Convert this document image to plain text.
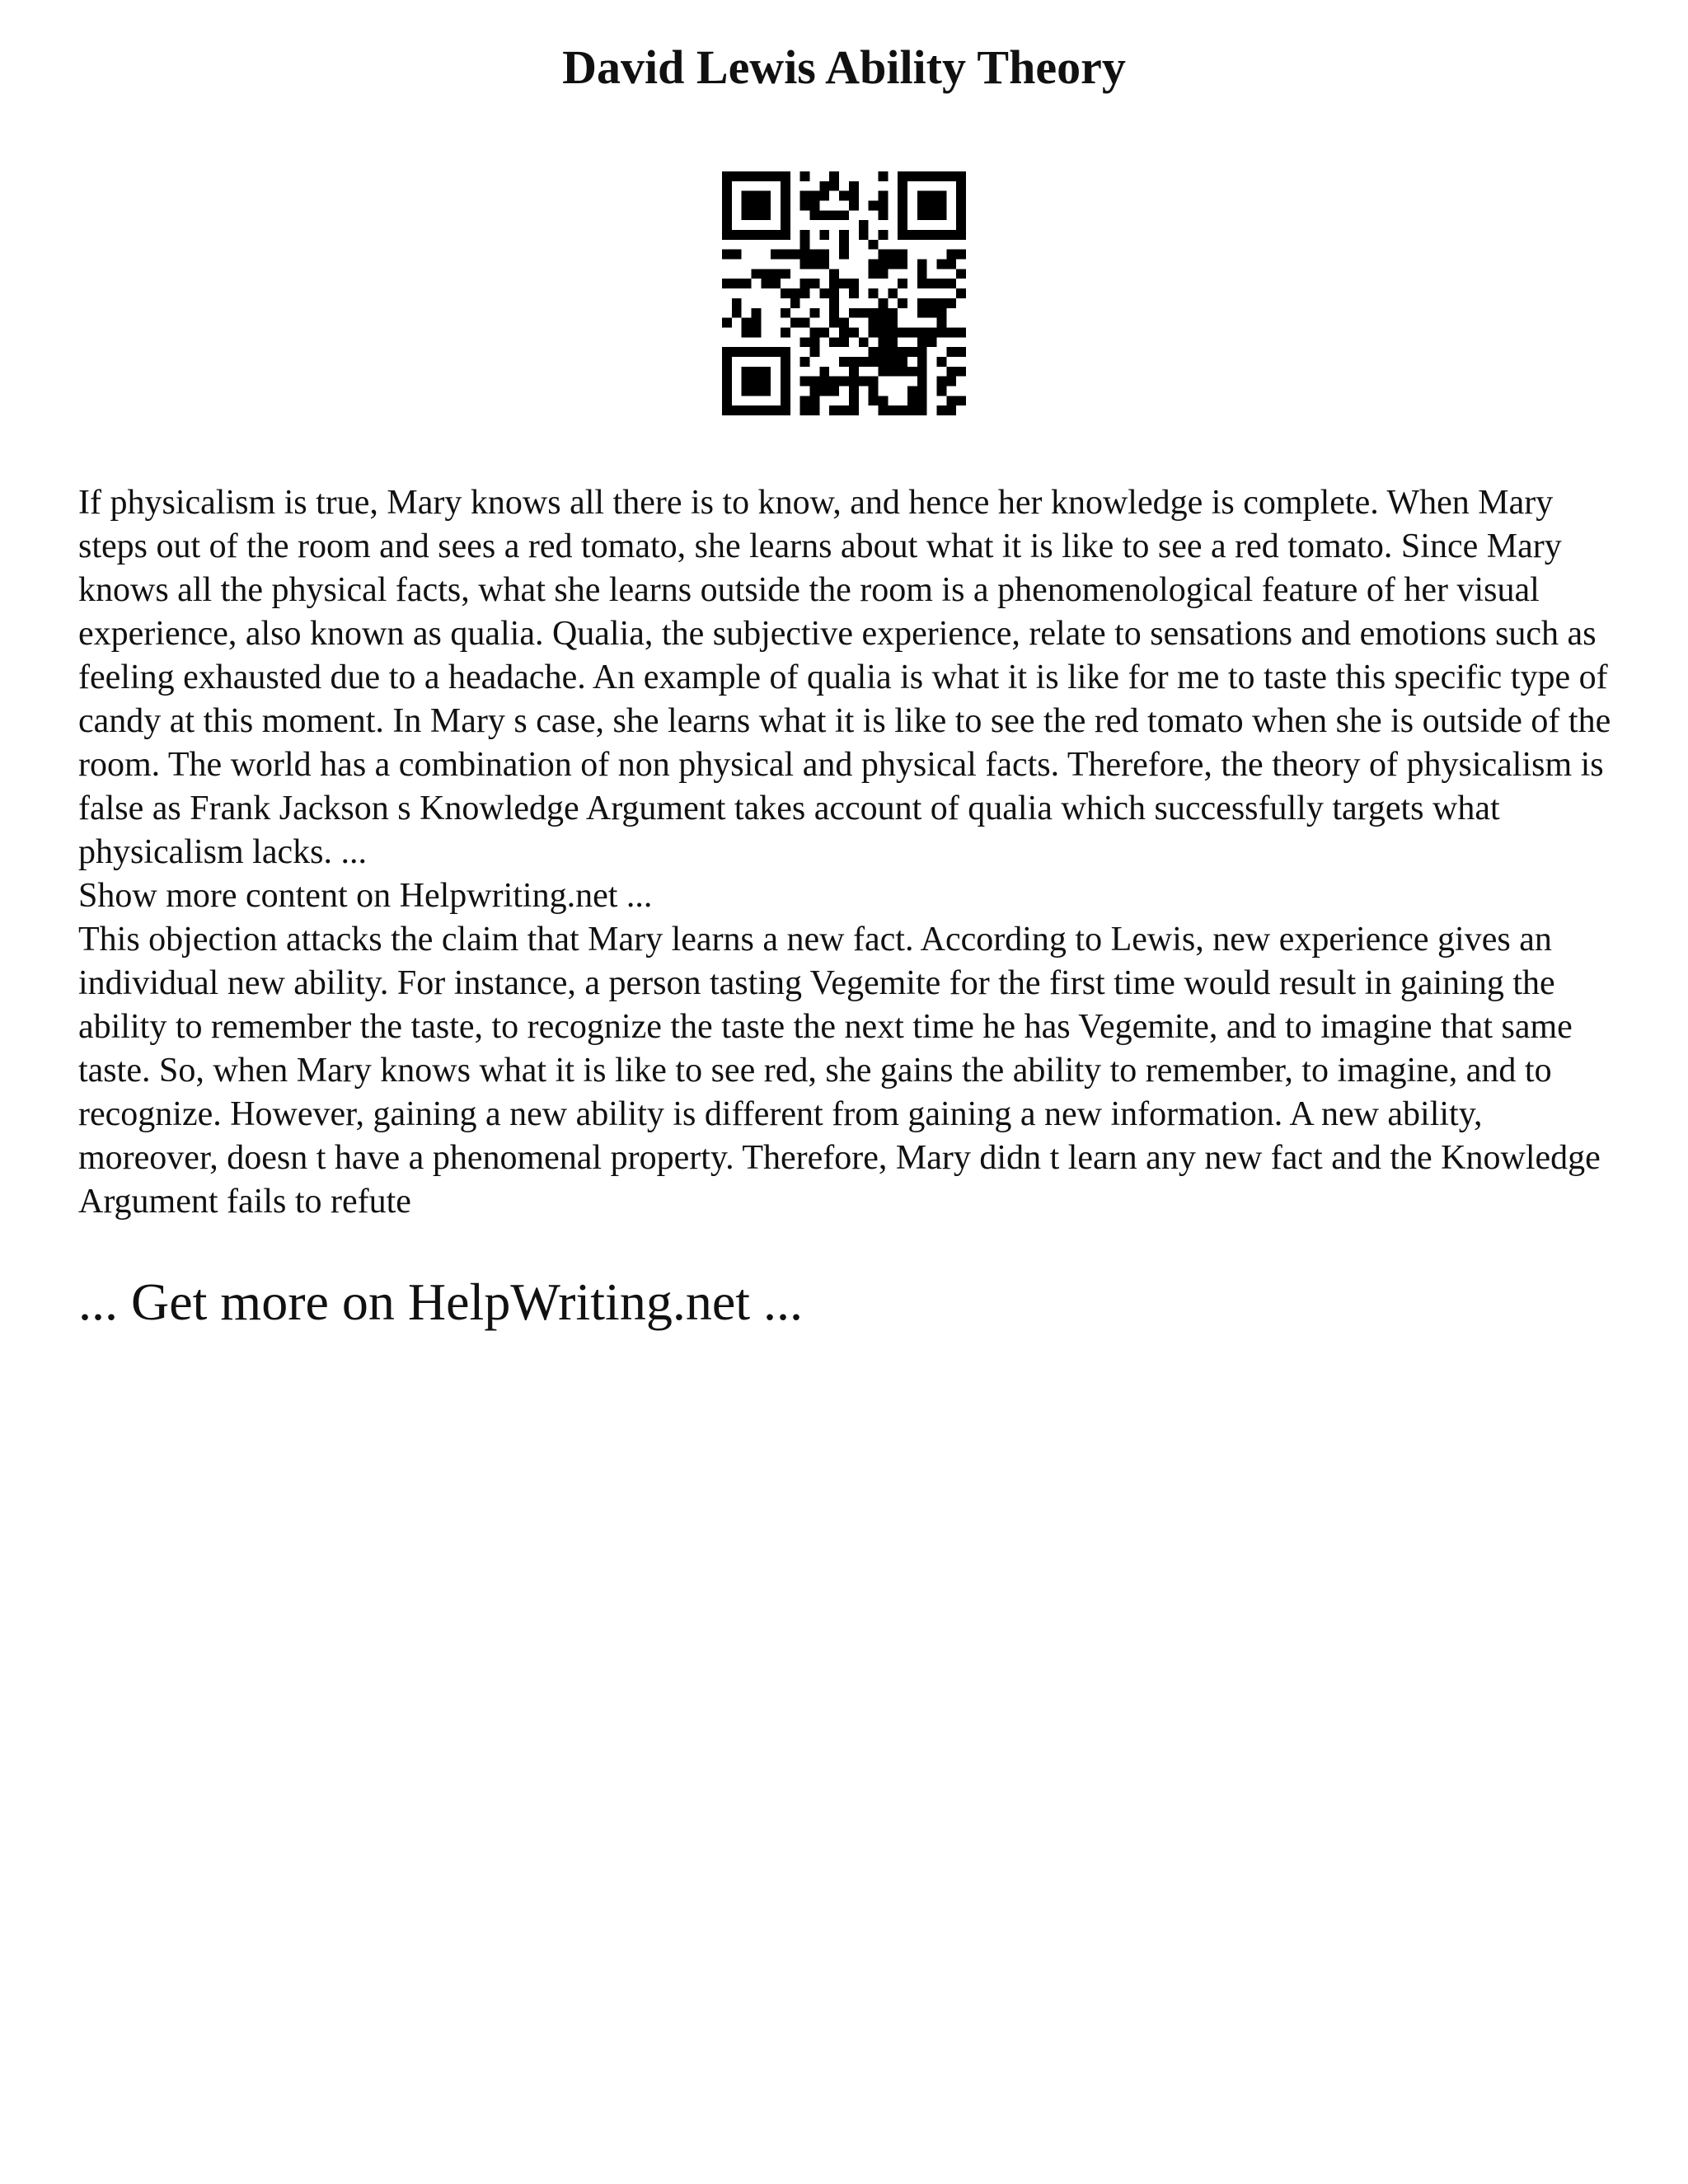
David Lewis Ability Theory

If physicalism is true, Mary knows all there is to know, and hence her knowledge is complete. When Mary steps out of the room and sees a red tomato, she learns about what it is like to see a red tomato. Since Mary knows all the physical facts, what she learns outside the room is a phenomenological feature of her visual experience, also known as qualia. Qualia, the subjective experience, relate to sensations and emotions such as feeling exhausted due to a headache. An example of qualia is what it is like for me to taste this specific type of candy at this moment. In Mary s case, she learns what it is like to see the red tomato when she is outside of the room. The world has a combination of non physical and physical facts. Therefore, the theory of physicalism is false as Frank Jackson s Knowledge Argument takes account of qualia which successfully targets what physicalism lacks. ...

Show more content on Helpwriting.net ...

This objection attacks the claim that Mary learns a new fact. According to Lewis, new experience gives an individual new ability. For instance, a person tasting Vegemite for the first time would result in gaining the ability to remember the taste, to recognize the taste the next time he has Vegemite, and to imagine that same taste. So, when Mary knows what it is like to see red, she gains the ability to remember, to imagine, and to recognize. However, gaining a new ability is different from gaining a new information. A new ability, moreover, doesn t have a phenomenal property. Therefore, Mary didn t learn any new fact and the Knowledge Argument fails to refute

... Get more on HelpWriting.net ...
